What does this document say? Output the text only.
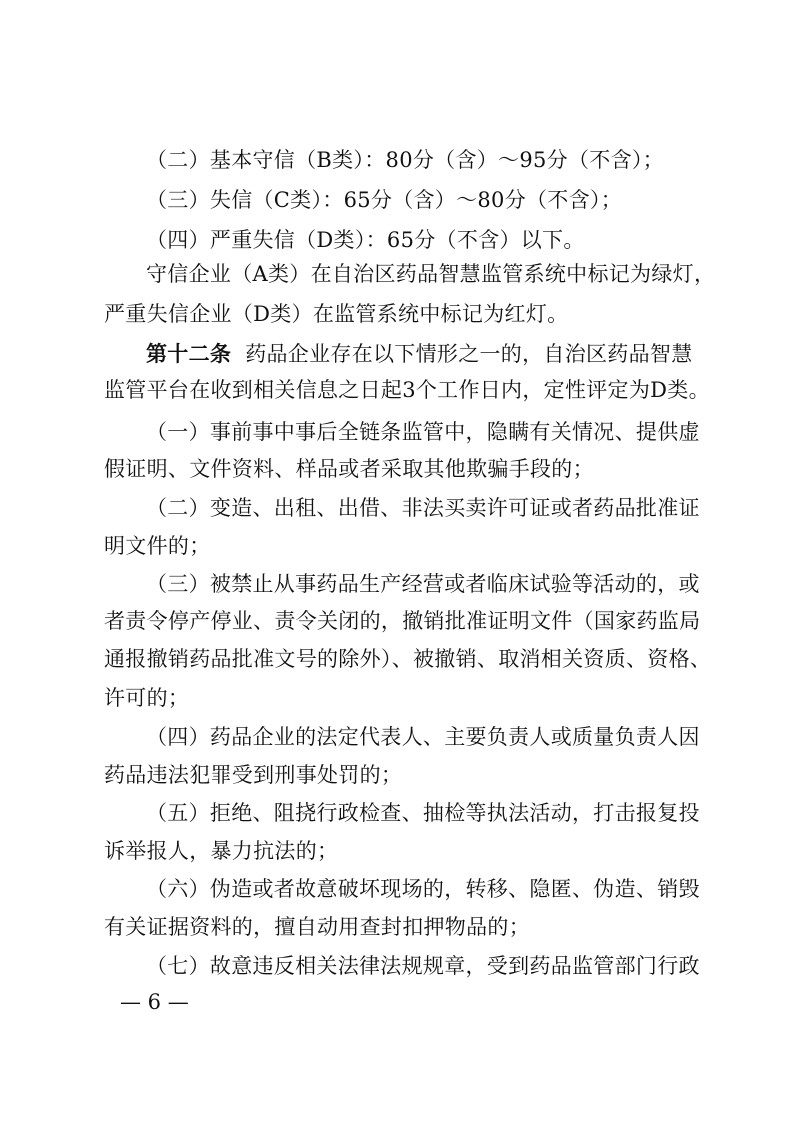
（二）基本守信（B类）：80分（含）～95分（不含）；
（三）失信（C类）：65分（含）～80分（不含）；
（四）严重失信（D类）：65分（不含）以下。
守信企业（A类）在自治区药品智慧监管系统中标记为绿灯，
严重失信企业（D类）在监管系统中标记为红灯。
第十二条 药品企业存在以下情形之一的，自治区药品智慧
监管平台在收到相关信息之日起3个工作日内，定性评定为D类。
（一）事前事中事后全链条监管中，隐瞒有关情况、提供虚
假证明、文件资料、样品或者采取其他欺骗手段的；
（二）变造、出租、出借、非法买卖许可证或者药品批准证
明文件的；
（三）被禁止从事药品生产经营或者临床试验等活动的，或
者责令停产停业、责令关闭的，撤销批准证明文件（国家药监局
通报撤销药品批准文号的除外）、被撤销、取消相关资质、资格、
许可的；
（四）药品企业的法定代表人、主要负责人或质量负责人因
药品违法犯罪受到刑事处罚的；
（五）拒绝、阻挠行政检查、抽检等执法活动，打击报复投
诉举报人，暴力抗法的；
（六）伪造或者故意破坏现场的，转移、隐匿、伪造、销毁
有关证据资料的，擅自动用查封扣押物品的；
（七）故意违反相关法律法规规章，受到药品监管部门行政
— 6 —
